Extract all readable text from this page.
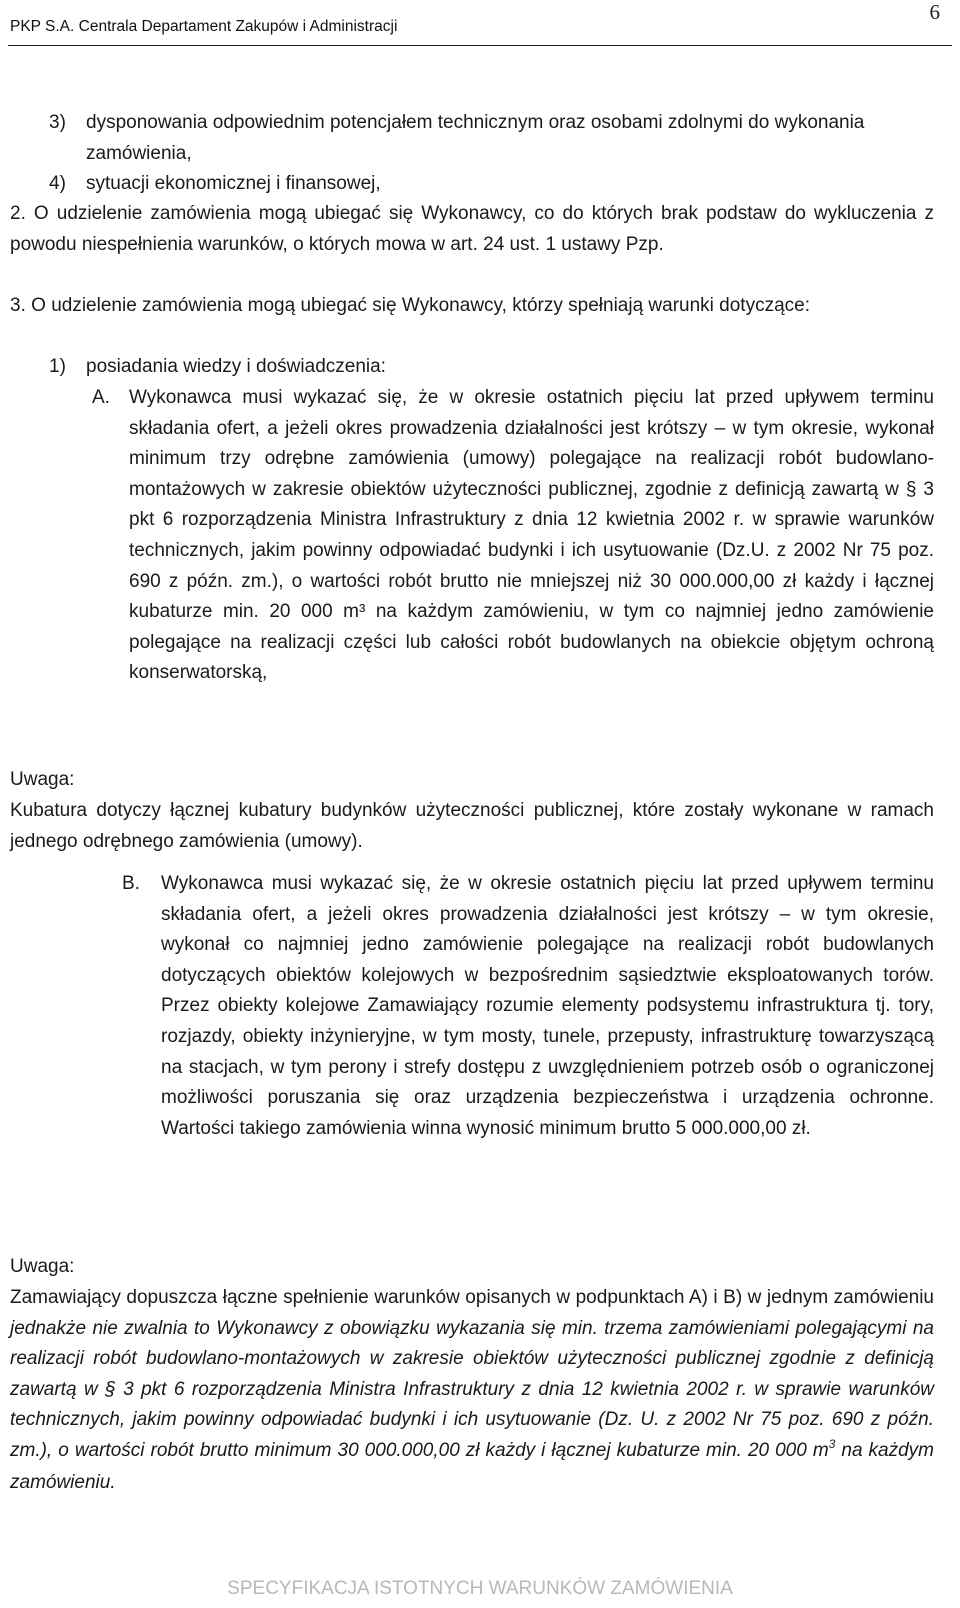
6
PKP S.A. Centrala Departament Zakupów i Administracji
3) dysponowania odpowiednim potencjałem technicznym oraz osobami zdolnymi do wykonania zamówienia,
4) sytuacji ekonomicznej i finansowej,
2. O udzielenie zamówienia mogą ubiegać się Wykonawcy, co do których brak podstaw do wykluczenia z powodu niespełnienia warunków, o których mowa w art. 24 ust. 1 ustawy Pzp.
3. O udzielenie zamówienia mogą ubiegać się Wykonawcy, którzy spełniają warunki dotyczące:
1) posiadania wiedzy i doświadczenia:
A. Wykonawca musi wykazać się, że w okresie ostatnich pięciu lat przed upływem terminu składania ofert, a jeżeli okres prowadzenia działalności jest krótszy – w tym okresie, wykonał minimum trzy odrębne zamówienia (umowy) polegające na realizacji robót budowlano-montażowych w zakresie obiektów użyteczności publicznej, zgodnie z definicją zawartą w § 3 pkt 6 rozporządzenia Ministra Infrastruktury z dnia 12 kwietnia 2002 r. w sprawie warunków technicznych, jakim powinny odpowiadać budynki i ich usytuowanie (Dz.U. z 2002 Nr 75 poz. 690 z późn. zm.), o wartości robót brutto nie mniejszej niż 30 000.000,00 zł każdy i łącznej kubaturze min. 20 000 m³ na każdym zamówieniu, w tym co najmniej jedno zamówienie polegające na realizacji części lub całości robót budowlanych na obiekcie objętym ochroną konserwatorską,
Uwaga:
Kubatura dotyczy łącznej kubatury budynków użyteczności publicznej, które zostały wykonane w ramach jednego odrębnego zamówienia (umowy).
B. Wykonawca musi wykazać się, że w okresie ostatnich pięciu lat przed upływem terminu składania ofert, a jeżeli okres prowadzenia działalności jest krótszy – w tym okresie, wykonał co najmniej jedno zamówienie polegające na realizacji robót budowlanych dotyczących obiektów kolejowych w bezpośrednim sąsiedztwie eksploatowanych torów. Przez obiekty kolejowe Zamawiający rozumie elementy podsystemu infrastruktura tj. tory, rozjazdy, obiekty inżynieryjne, w tym mosty, tunele, przepusty, infrastrukturę towarzyszącą na stacjach, w tym perony i strefy dostępu z uwzględnieniem potrzeb osób o ograniczonej możliwości poruszania się oraz urządzenia bezpieczeństwa i urządzenia ochronne. Wartości takiego zamówienia winna wynosić minimum brutto 5 000.000,00 zł.
Uwaga:
Zamawiający dopuszcza łączne spełnienie warunków opisanych w podpunktach A) i B) w jednym zamówieniu jednakże nie zwalnia to Wykonawcy z obowiązku wykazania się min. trzema zamówieniami polegającymi na realizacji robót budowlano-montażowych w zakresie obiektów użyteczności publicznej zgodnie z definicją zawartą w § 3 pkt 6 rozporządzenia Ministra Infrastruktury z dnia 12 kwietnia 2002 r. w sprawie warunków technicznych, jakim powinny odpowiadać budynki i ich usytuowanie (Dz. U. z 2002 Nr 75 poz. 690 z późn. zm.), o wartości robót brutto minimum 30 000.000,00 zł każdy i łącznej kubaturze min. 20 000 $m^3$ na każdym zamówieniu.
SPECYFIKACJA ISTOTNYCH WARUNKÓW ZAMÓWIENIA
